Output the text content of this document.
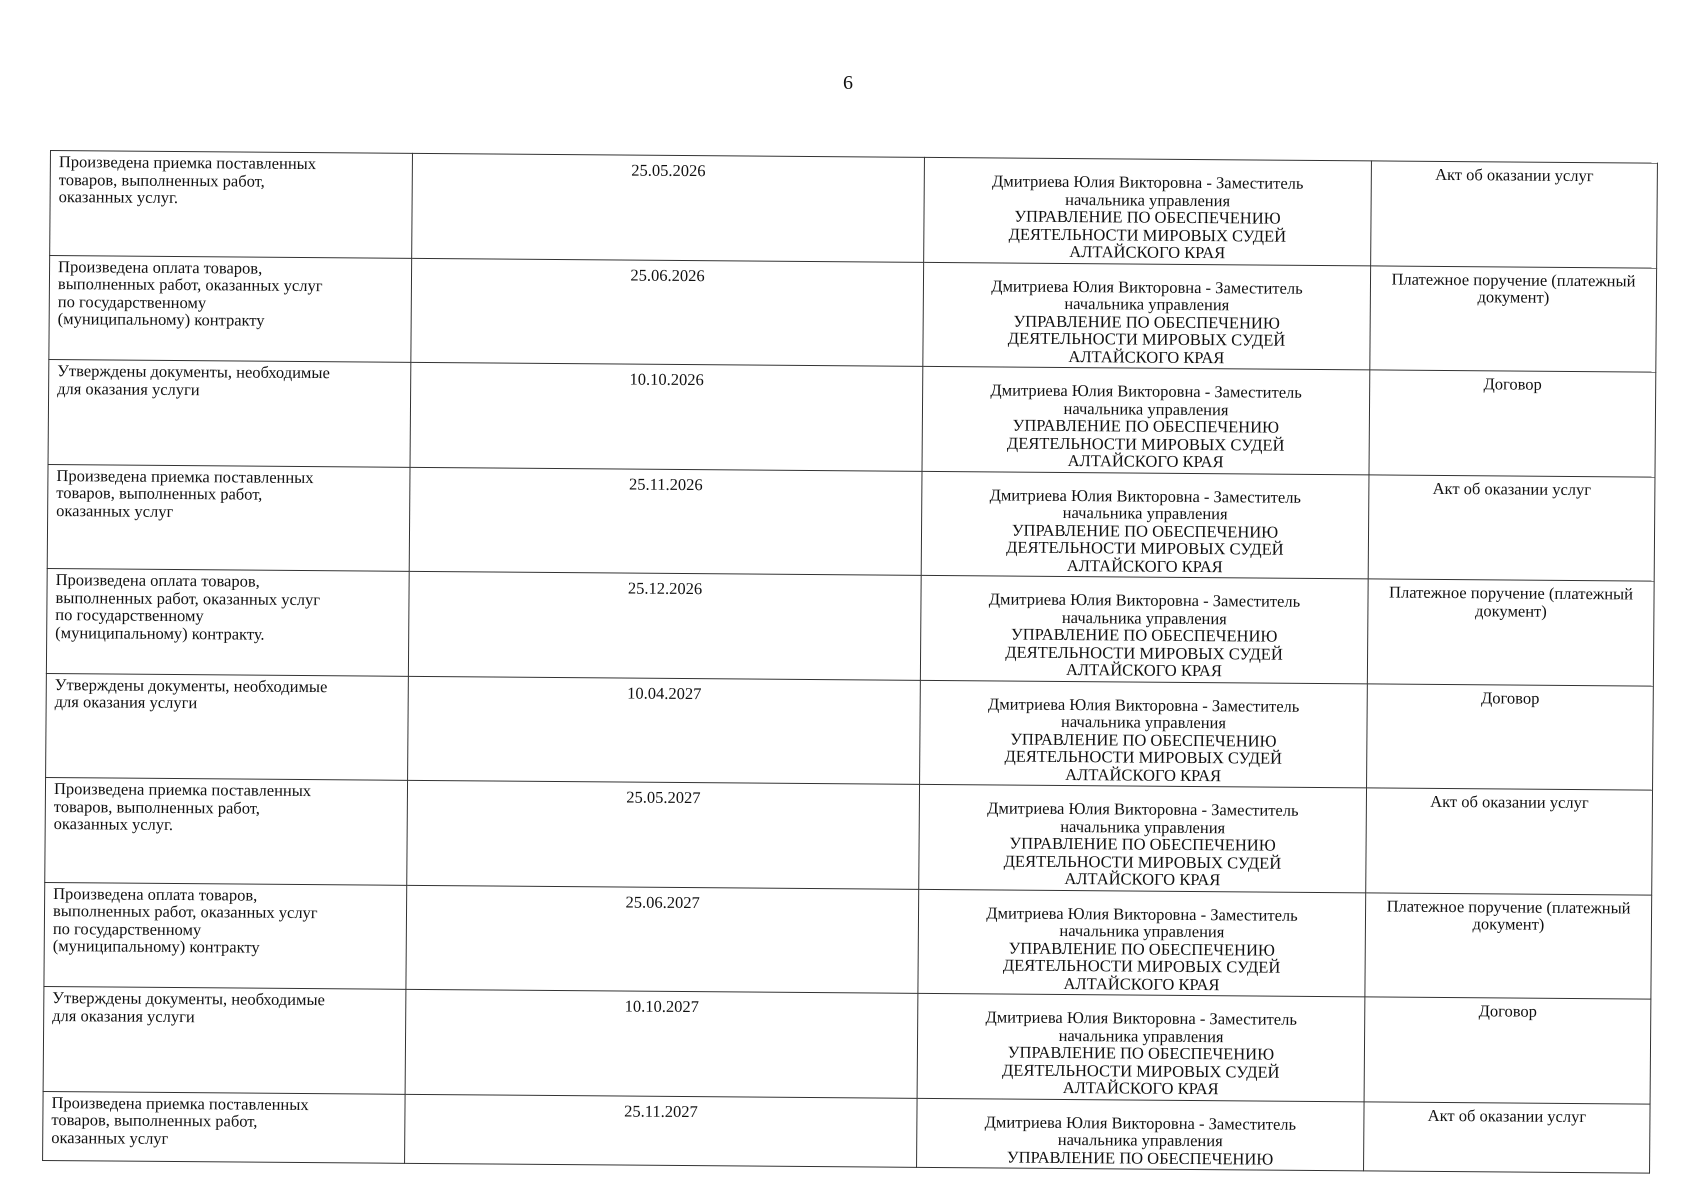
6
Произведена приемка поставленных
товаров, выполненных работ,
оказанных услуг.	25.05.2026	Дмитриева Юлия Викторовна - Заместитель
начальника управления
УПРАВЛЕНИЕ ПО ОБЕСПЕЧЕНИЮ
ДЕЯТЕЛЬНОСТИ МИРОВЫХ СУДЕЙ
АЛТАЙСКОГО КРАЯ	Акт об оказании услуг

Произведена оплата товаров,
выполненных работ, оказанных услуг
по государственному
(муниципальному) контракту	25.06.2026	Дмитриева Юлия Викторовна - Заместитель
начальника управления
УПРАВЛЕНИЕ ПО ОБЕСПЕЧЕНИЮ
ДЕЯТЕЛЬНОСТИ МИРОВЫХ СУДЕЙ
АЛТАЙСКОГО КРАЯ	Платежное поручение (платежный
документ)

Утверждены документы, необходимые
для оказания услуги	10.10.2026	Дмитриева Юлия Викторовна - Заместитель
начальника управления
УПРАВЛЕНИЕ ПО ОБЕСПЕЧЕНИЮ
ДЕЯТЕЛЬНОСТИ МИРОВЫХ СУДЕЙ
АЛТАЙСКОГО КРАЯ	Договор

Произведена приемка поставленных
товаров, выполненных работ,
оказанных услуг	25.11.2026	Дмитриева Юлия Викторовна - Заместитель
начальника управления
УПРАВЛЕНИЕ ПО ОБЕСПЕЧЕНИЮ
ДЕЯТЕЛЬНОСТИ МИРОВЫХ СУДЕЙ
АЛТАЙСКОГО КРАЯ	Акт об оказании услуг

Произведена оплата товаров,
выполненных работ, оказанных услуг
по государственному
(муниципальному) контракту.	25.12.2026	Дмитриева Юлия Викторовна - Заместитель
начальника управления
УПРАВЛЕНИЕ ПО ОБЕСПЕЧЕНИЮ
ДЕЯТЕЛЬНОСТИ МИРОВЫХ СУДЕЙ
АЛТАЙСКОГО КРАЯ	Платежное поручение (платежный
документ)

Утверждены документы, необходимые
для оказания услуги	10.04.2027	Дмитриева Юлия Викторовна - Заместитель
начальника управления
УПРАВЛЕНИЕ ПО ОБЕСПЕЧЕНИЮ
ДЕЯТЕЛЬНОСТИ МИРОВЫХ СУДЕЙ
АЛТАЙСКОГО КРАЯ	Договор

Произведена приемка поставленных
товаров, выполненных работ,
оказанных услуг.	25.05.2027	Дмитриева Юлия Викторовна - Заместитель
начальника управления
УПРАВЛЕНИЕ ПО ОБЕСПЕЧЕНИЮ
ДЕЯТЕЛЬНОСТИ МИРОВЫХ СУДЕЙ
АЛТАЙСКОГО КРАЯ	Акт об оказании услуг

Произведена оплата товаров,
выполненных работ, оказанных услуг
по государственному
(муниципальному) контракту	25.06.2027	Дмитриева Юлия Викторовна - Заместитель
начальника управления
УПРАВЛЕНИЕ ПО ОБЕСПЕЧЕНИЮ
ДЕЯТЕЛЬНОСТИ МИРОВЫХ СУДЕЙ
АЛТАЙСКОГО КРАЯ	Платежное поручение (платежный
документ)

Утверждены документы, необходимые
для оказания услуги	10.10.2027	Дмитриева Юлия Викторовна - Заместитель
начальника управления
УПРАВЛЕНИЕ ПО ОБЕСПЕЧЕНИЮ
ДЕЯТЕЛЬНОСТИ МИРОВЫХ СУДЕЙ
АЛТАЙСКОГО КРАЯ	Договор

Произведена приемка поставленных
товаров, выполненных работ,
оказанных услуг	25.11.2027	Дмитриева Юлия Викторовна - Заместитель
начальника управления
УПРАВЛЕНИЕ ПО ОБЕСПЕЧЕНИЮ	Акт об оказании услуг
